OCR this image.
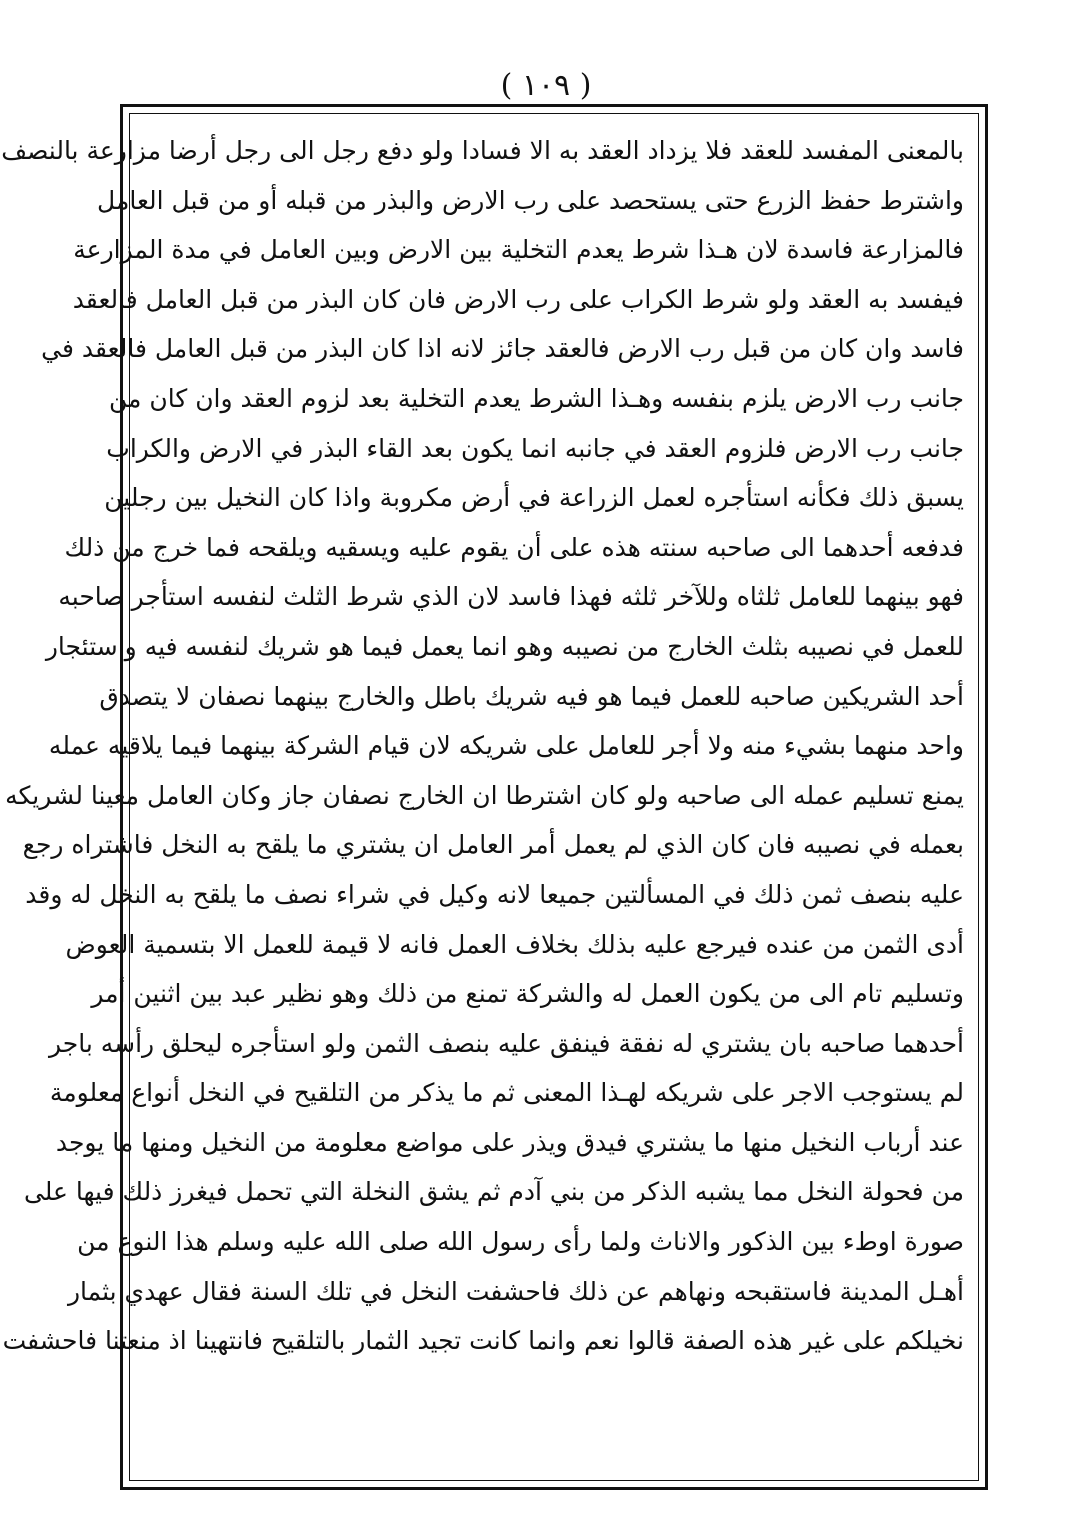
( ١٠٩ )
بالمعنى المفسد للعقد فلا يزداد العقد به الا فسادا ولو دفع رجل الى رجل أرضا مزارعة بالنصف
واشترط حفظ الزرع حتى يستحصد على رب الارض والبذر من قبله أو من قبل العامل
فالمزارعة فاسدة لان هـذا شرط يعدم التخلية بين الارض وبين العامل في مدة المزارعة
فيفسد به العقد ولو شرط الكراب على رب الارض فان كان البذر من قبل العامل فالعقد
فاسد وان كان من قبل رب الارض فالعقد جائز لانه اذا كان البذر من قبل العامل فالعقد في
جانب رب الارض يلزم بنفسه وهـذا الشرط يعدم التخلية بعد لزوم العقد وان كان من
جانب رب الارض فلزوم العقد في جانبه انما يكون بعد القاء البذر في الارض والكراب
يسبق ذلك فكأنه استأجره لعمل الزراعة في أرض مكروبة واذا كان النخيل بين رجلين
فدفعه أحدهما الى صاحبه سنته هذه على أن يقوم عليه ويسقيه ويلقحه فما خرج من ذلك
فهو بينهما للعامل ثلثاه وللآخر ثلثه فهذا فاسد لان الذي شرط الثلث لنفسه استأجر صاحبه
للعمل في نصيبه بثلث الخارج من نصيبه وهو انما يعمل فيما هو شريك لنفسه فيه واستئجار
أحد الشريكين صاحبه للعمل فيما هو فيه شريك باطل والخارج بينهما نصفان لا يتصدق
واحد منهما بشيء منه ولا أجر للعامل على شريكه لان قيام الشركة بينهما فيما يلاقيه عمله
يمنع تسليم عمله الى صاحبه ولو كان اشترطا ان الخارج نصفان جاز وكان العامل معينا لشريكه
بعمله في نصيبه فان كان الذي لم يعمل أمر العامل ان يشتري ما يلقح به النخل فاشتراه رجع
عليه بنصف ثمن ذلك في المسألتين جميعا لانه وكيل في شراء نصف ما يلقح به النخل له وقد
أدى الثمن من عنده فيرجع عليه بذلك بخلاف العمل فانه لا قيمة للعمل الا بتسمية العوض
وتسليم تام الى من يكون العمل له والشركة تمنع من ذلك وهو نظير عبد بين اثنين أمر
أحدهما صاحبه بان يشتري له نفقة فينفق عليه بنصف الثمن ولو استأجره ليحلق رأسه باجر
لم يستوجب الاجر على شريكه لهـذا المعنى ثم ما يذكر من التلقيح في النخل أنواع معلومة
عند أرباب النخيل منها ما يشتري فيدق ويذر على مواضع معلومة من النخيل ومنها ما يوجد
من فحولة النخل مما يشبه الذكر من بني آدم ثم يشق النخلة التي تحمل فيغرز ذلك فيها على
صورة اوطء بين الذكور والاناث ولما رأى رسول الله صلى الله عليه وسلم هذا النوع من
أهـل المدينة فاستقبحه ونهاهم عن ذلك فاحشفت النخل في تلك السنة فقال عهدي بثمار
نخيلكم على غير هذه الصفة قالوا نعم وانما كانت تجيد الثمار بالتلقيح فانتهينا اذ منعتنا فاحشفت
